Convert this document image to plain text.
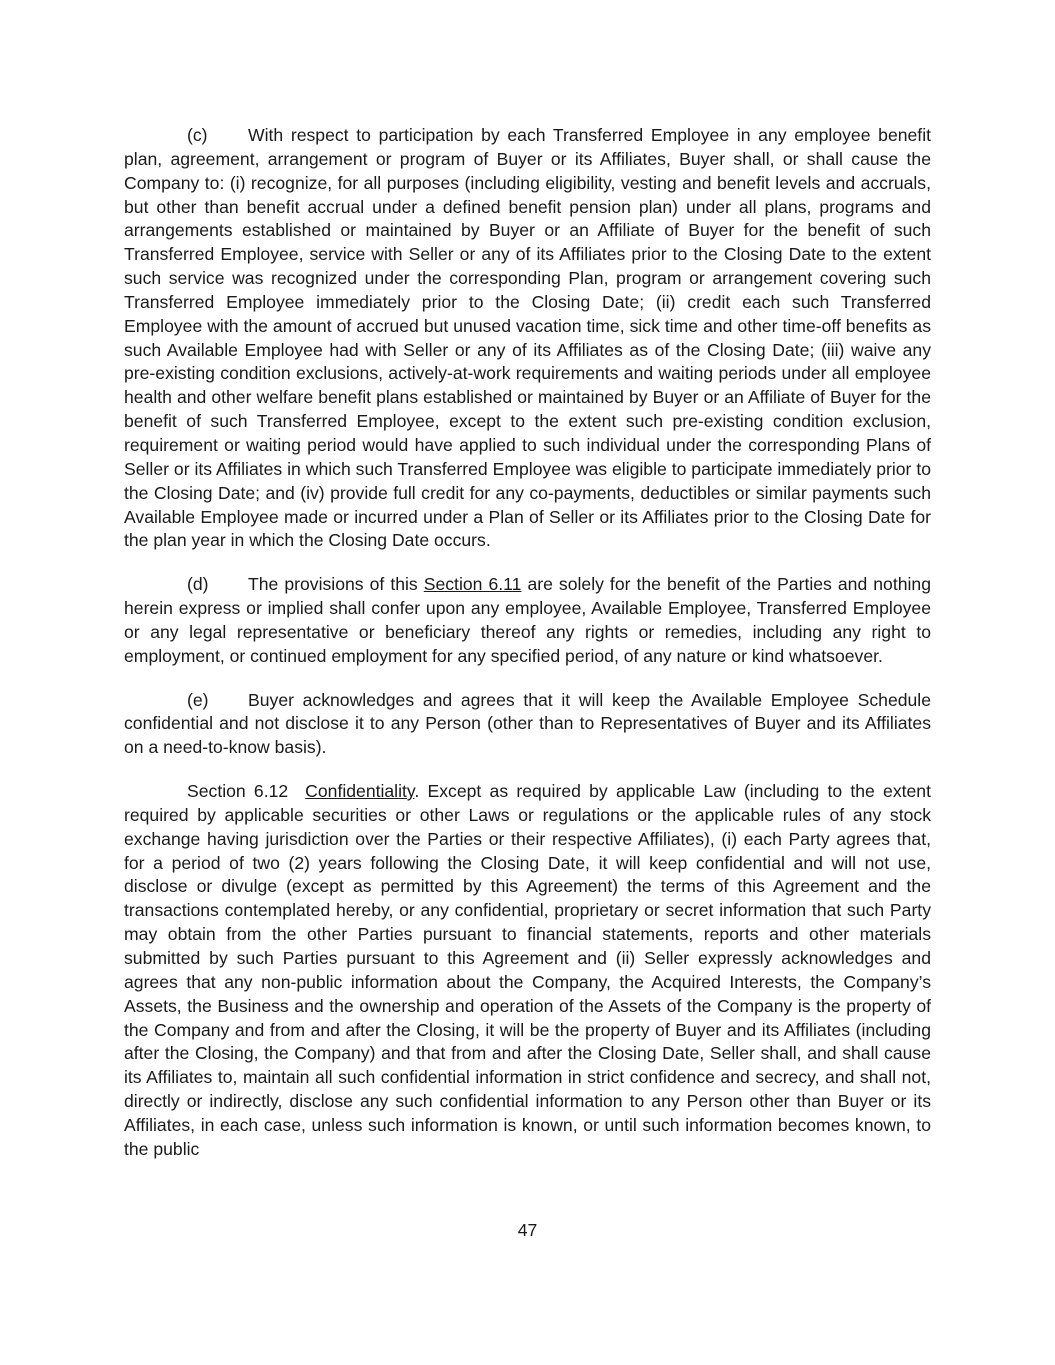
(c) With respect to participation by each Transferred Employee in any employee benefit plan, agreement, arrangement or program of Buyer or its Affiliates, Buyer shall, or shall cause the Company to: (i) recognize, for all purposes (including eligibility, vesting and benefit levels and accruals, but other than benefit accrual under a defined benefit pension plan) under all plans, programs and arrangements established or maintained by Buyer or an Affiliate of Buyer for the benefit of such Transferred Employee, service with Seller or any of its Affiliates prior to the Closing Date to the extent such service was recognized under the corresponding Plan, program or arrangement covering such Transferred Employee immediately prior to the Closing Date; (ii) credit each such Transferred Employee with the amount of accrued but unused vacation time, sick time and other time-off benefits as such Available Employee had with Seller or any of its Affiliates as of the Closing Date; (iii) waive any pre-existing condition exclusions, actively-at-work requirements and waiting periods under all employee health and other welfare benefit plans established or maintained by Buyer or an Affiliate of Buyer for the benefit of such Transferred Employee, except to the extent such pre-existing condition exclusion, requirement or waiting period would have applied to such individual under the corresponding Plans of Seller or its Affiliates in which such Transferred Employee was eligible to participate immediately prior to the Closing Date; and (iv) provide full credit for any co-payments, deductibles or similar payments such Available Employee made or incurred under a Plan of Seller or its Affiliates prior to the Closing Date for the plan year in which the Closing Date occurs.

(d) The provisions of this Section 6.11 are solely for the benefit of the Parties and nothing herein express or implied shall confer upon any employee, Available Employee, Transferred Employee or any legal representative or beneficiary thereof any rights or remedies, including any right to employment, or continued employment for any specified period, of any nature or kind whatsoever.

(e) Buyer acknowledges and agrees that it will keep the Available Employee Schedule confidential and not disclose it to any Person (other than to Representatives of Buyer and its Affiliates on a need-to-know basis).

Section 6.12 Confidentiality. Except as required by applicable Law (including to the extent required by applicable securities or other Laws or regulations or the applicable rules of any stock exchange having jurisdiction over the Parties or their respective Affiliates), (i) each Party agrees that, for a period of two (2) years following the Closing Date, it will keep confidential and will not use, disclose or divulge (except as permitted by this Agreement) the terms of this Agreement and the transactions contemplated hereby, or any confidential, proprietary or secret information that such Party may obtain from the other Parties pursuant to financial statements, reports and other materials submitted by such Parties pursuant to this Agreement and (ii) Seller expressly acknowledges and agrees that any non-public information about the Company, the Acquired Interests, the Company’s Assets, the Business and the ownership and operation of the Assets of the Company is the property of the Company and from and after the Closing, it will be the property of Buyer and its Affiliates (including after the Closing, the Company) and that from and after the Closing Date, Seller shall, and shall cause its Affiliates to, maintain all such confidential information in strict confidence and secrecy, and shall not, directly or indirectly, disclose any such confidential information to any Person other than Buyer or its Affiliates, in each case, unless such information is known, or until such information becomes known, to the public

47
